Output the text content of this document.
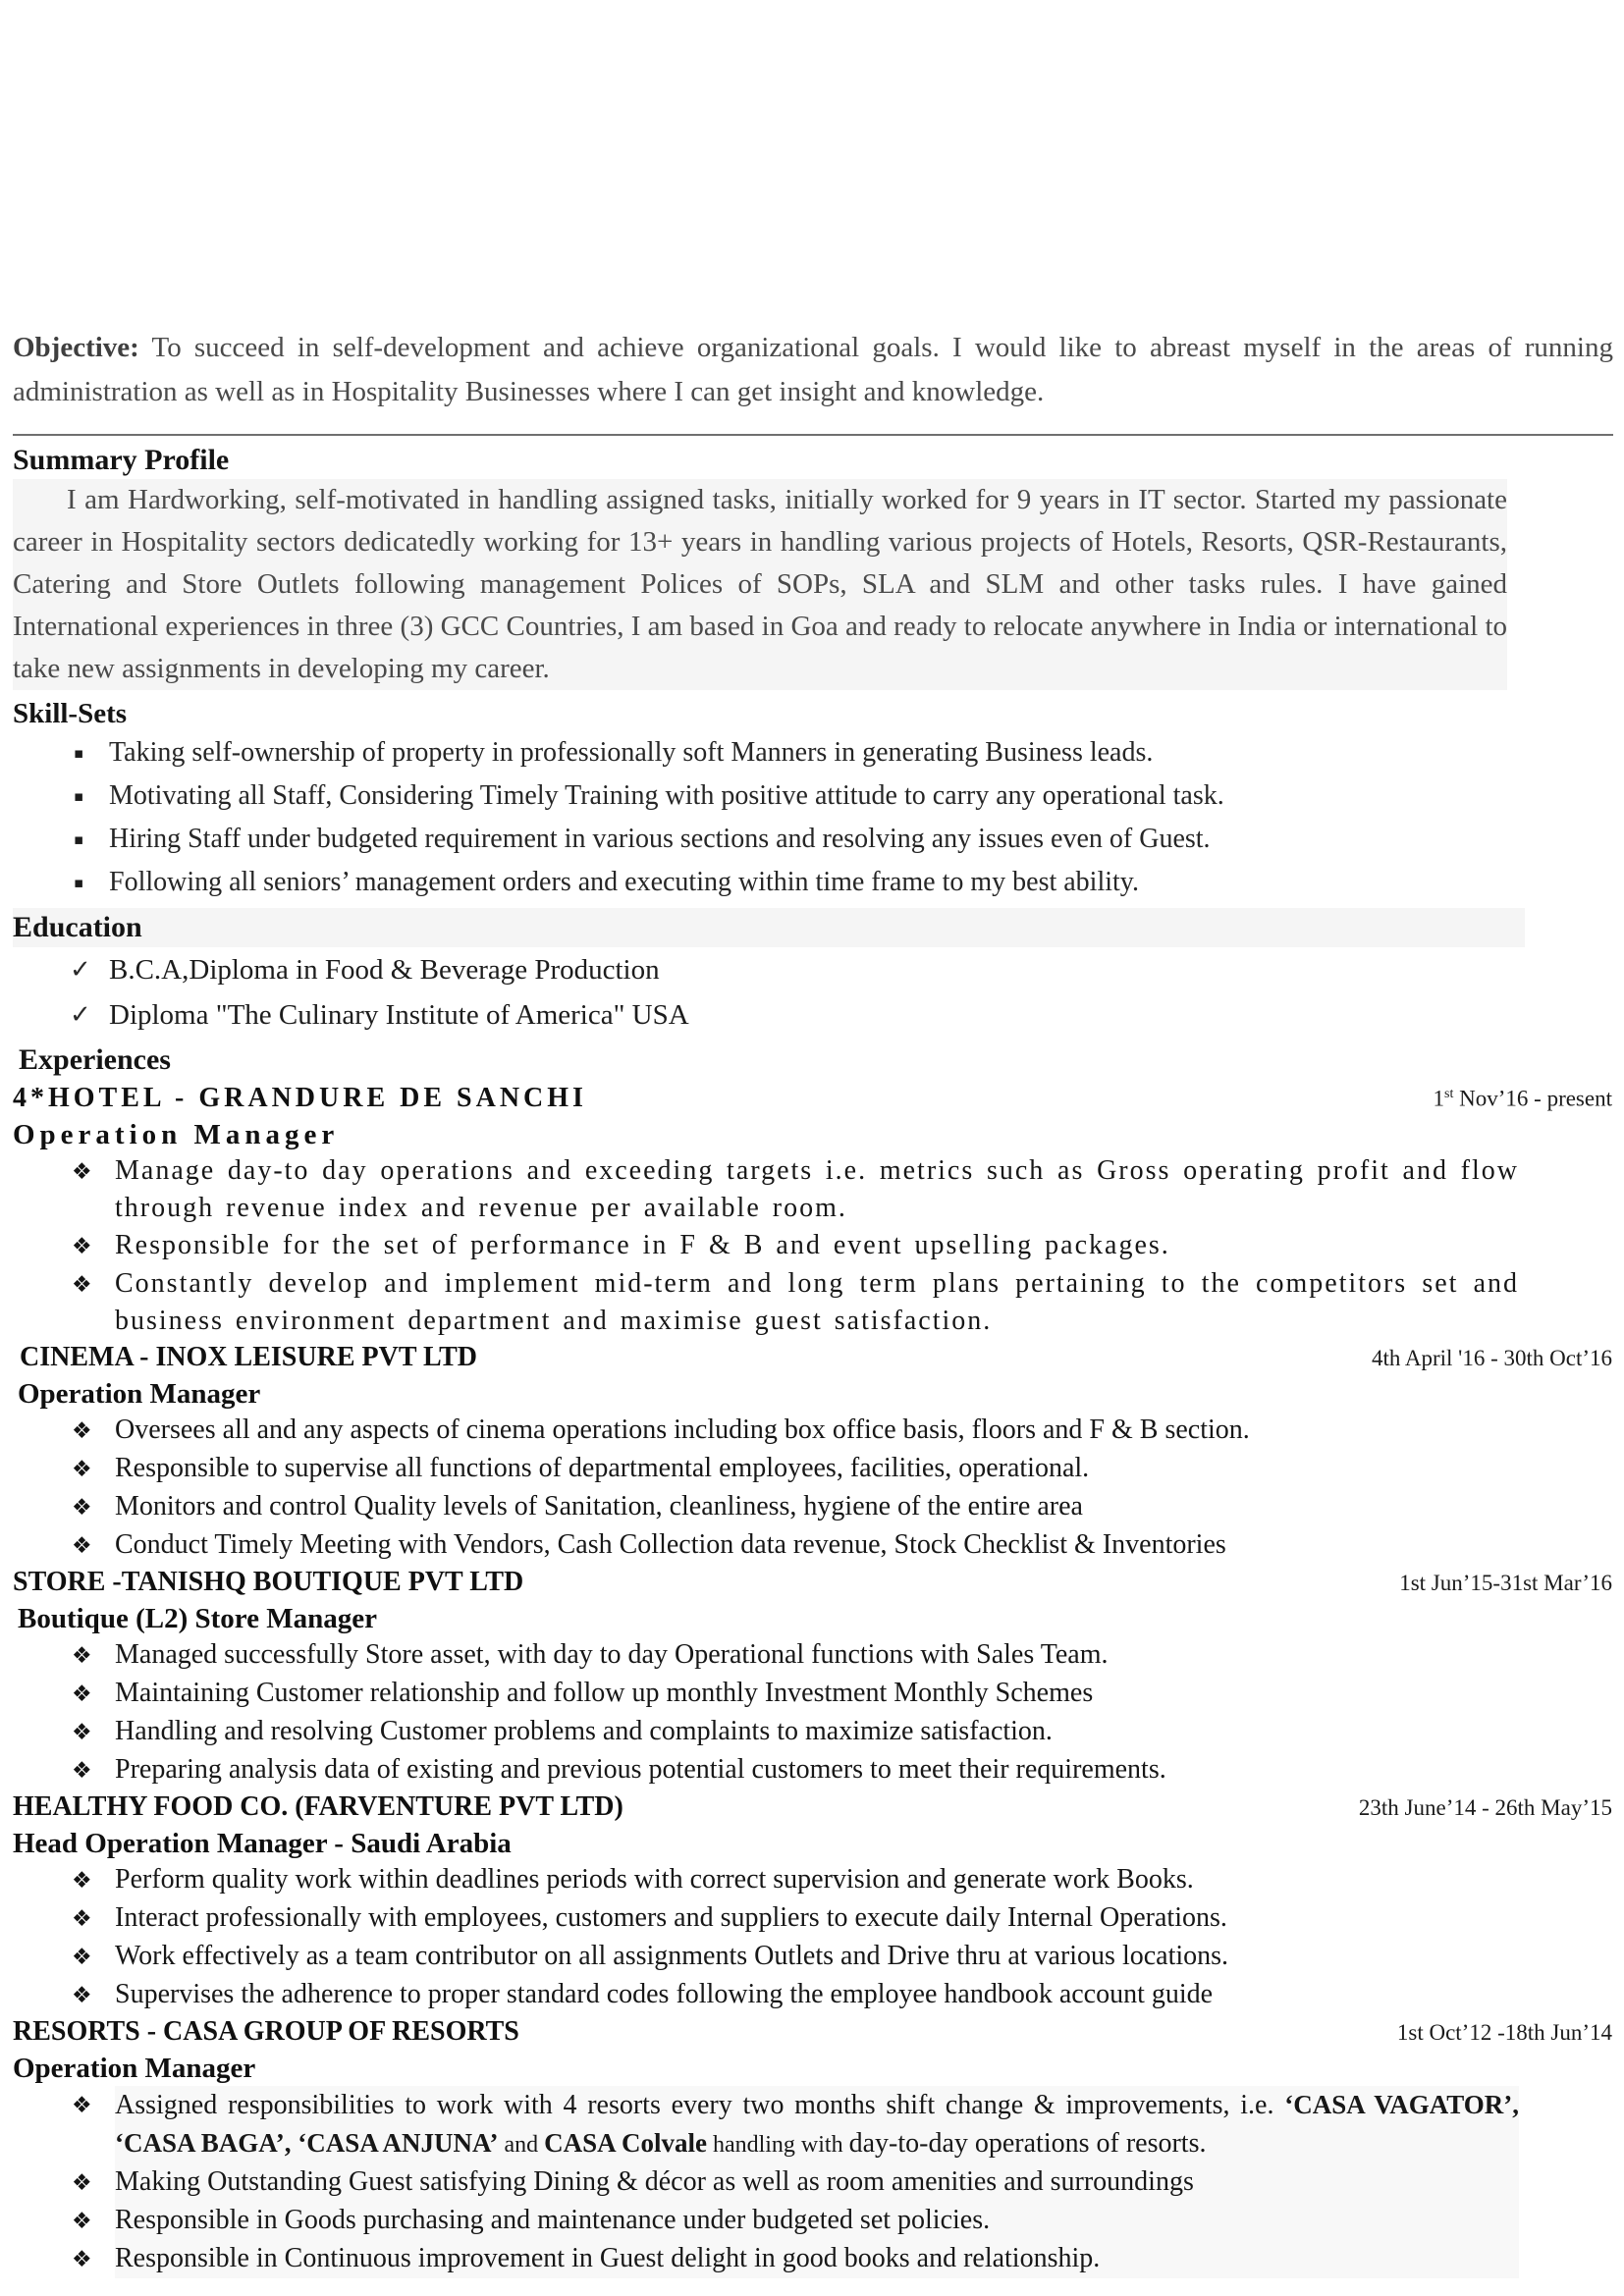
Objective: To succeed in self-development and achieve organizational goals. I would like to abreast myself in the areas of running administration as well as in Hospitality Businesses where I can get insight and knowledge.

Summary Profile

I am Hardworking, self-motivated in handling assigned tasks, initially worked for 9 years in IT sector. Started my passionate career in Hospitality sectors dedicatedly working for 13+ years in handling various projects of Hotels, Resorts, QSR-Restaurants, Catering and Store Outlets following management Polices of SOPs, SLA and SLM and other tasks rules. I have gained International experiences in three (3) GCC Countries, I am based in Goa and ready to relocate anywhere in India or international to take new assignments in developing my career.

Skill-Sets
▪ Taking self-ownership of property in professionally soft Manners in generating Business leads.
▪ Motivating all Staff, Considering Timely Training with positive attitude to carry any operational task.
▪ Hiring Staff under budgeted requirement in various sections and resolving any issues even of Guest.
▪ Following all seniors’ management orders and executing within time frame to my best ability.
Education
✓ B.C.A,Diploma in Food & Beverage Production
✓ Diploma "The Culinary Institute of America" USA
Experiences
4*HOTEL - GRANDURE DE SANCHI	1st Nov’16 - present
Operation Manager
❖ Manage day-to day operations and exceeding targets i.e. metrics such as Gross operating profit and flow through revenue index and revenue per available room.
❖ Responsible for the set of performance in F & B and event upselling packages.
❖ Constantly develop and implement mid-term and long term plans pertaining to the competitors set and business environment department and maximise guest satisfaction.
CINEMA - INOX LEISURE PVT LTD	4th April '16 - 30th Oct’16
Operation Manager
❖ Oversees all and any aspects of cinema operations including box office basis, floors and F & B section.
❖ Responsible to supervise all functions of departmental employees, facilities, operational.
❖ Monitors and control Quality levels of Sanitation, cleanliness, hygiene of the entire area
❖ Conduct Timely Meeting with Vendors, Cash Collection data revenue, Stock Checklist & Inventories
STORE -TANISHQ BOUTIQUE PVT LTD	1st Jun’15-31st Mar’16
Boutique (L2) Store Manager
❖ Managed successfully Store asset, with day to day Operational functions with Sales Team.
❖ Maintaining Customer relationship and follow up monthly Investment Monthly Schemes
❖ Handling and resolving Customer problems and complaints to maximize satisfaction.
❖ Preparing analysis data of existing and previous potential customers to meet their requirements.
HEALTHY FOOD CO. (FARVENTURE PVT LTD)	23th June’14 - 26th May’15
Head Operation Manager - Saudi Arabia
❖ Perform quality work within deadlines periods with correct supervision and generate work Books.
❖ Interact professionally with employees, customers and suppliers to execute daily Internal Operations.
❖ Work effectively as a team contributor on all assignments Outlets and Drive thru at various locations.
❖ Supervises the adherence to proper standard codes following the employee handbook account guide
RESORTS - CASA GROUP OF RESORTS	1st Oct’12 -18th Jun’14
Operation Manager
❖ Assigned responsibilities to work with 4 resorts every two months shift change & improvements, i.e. ‘CASA VAGATOR’, ‘CASA BAGA’, ‘CASA ANJUNA’ and CASA Colvale handling with day-to-day operations of resorts.
❖ Making Outstanding Guest satisfying Dining & décor as well as room amenities and surroundings
❖ Responsible in Goods purchasing and maintenance under budgeted set policies.
❖ Responsible in Continuous improvement in Guest delight in good books and relationship.
